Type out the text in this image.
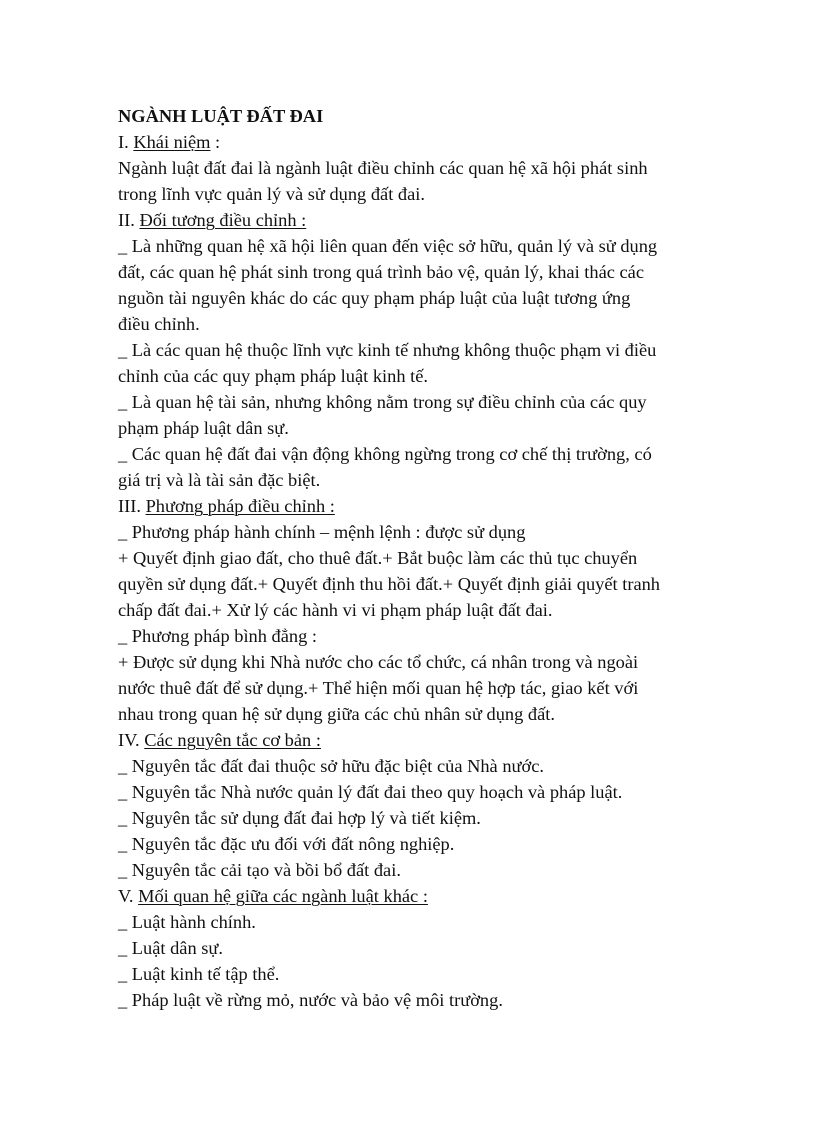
NGÀNH LUẬT ĐẤT ĐAI
I. Khái niệm :
Ngành luật đất đai là ngành luật điều chỉnh các quan hệ xã hội phát sinh
trong lĩnh vực quản lý và sử dụng đất đai.
II. Đối tương điều chỉnh :
_ Là những quan hệ xã hội liên quan đến việc sở hữu, quản lý và sử dụng
đất, các quan hệ phát sinh trong quá trình bảo vệ, quản lý, khai thác các
nguồn tài nguyên khác do các quy phạm pháp luật của luật tương ứng
điều chỉnh.
_ Là các quan hệ thuộc lĩnh vực kinh tế nhưng không thuộc phạm vi điều
chỉnh của các quy phạm pháp luật kinh tế.
_ Là quan hệ tài sản, nhưng không nằm trong sự điều chỉnh của các quy
phạm pháp luật dân sự.
_ Các quan hệ đất đai vận động không ngừng trong cơ chế thị trường, có
giá trị và là tài sản đặc biệt.
III. Phương pháp điều chỉnh :
_ Phương pháp hành chính – mệnh lệnh : được sử dụng
+ Quyết định giao đất, cho thuê đất.+ Bắt buộc làm các thủ tục chuyển
quyền sử dụng đất.+ Quyết định thu hồi đất.+ Quyết định giải quyết tranh
chấp đất đai.+ Xử lý các hành vi vi phạm pháp luật đất đai.
_ Phương pháp bình đẳng :
+ Được sử dụng khi Nhà nước cho các tổ chức, cá nhân trong và ngoài
nước thuê đất để sử dụng.+ Thể hiện mối quan hệ hợp tác, giao kết với
nhau trong quan hệ sử dụng giữa các chủ nhân sử dụng đất.
IV. Các nguyên tắc cơ bản :
_ Nguyên tắc đất đai thuộc sở hữu đặc biệt của Nhà nước.
_ Nguyên tắc Nhà nước quản lý đất đai theo quy hoạch và pháp luật.
_ Nguyên tắc sử dụng đất đai hợp lý và tiết kiệm.
_ Nguyên tắc đặc ưu đối với đất nông nghiệp.
_ Nguyên tắc cải tạo và bồi bổ đất đai.
V. Mối quan hệ giữa các ngành luật khác :
_ Luật hành chính.
_ Luật dân sự.
_ Luật kinh tế tập thể.
_ Pháp luật về rừng mỏ, nước và bảo vệ môi trường.
